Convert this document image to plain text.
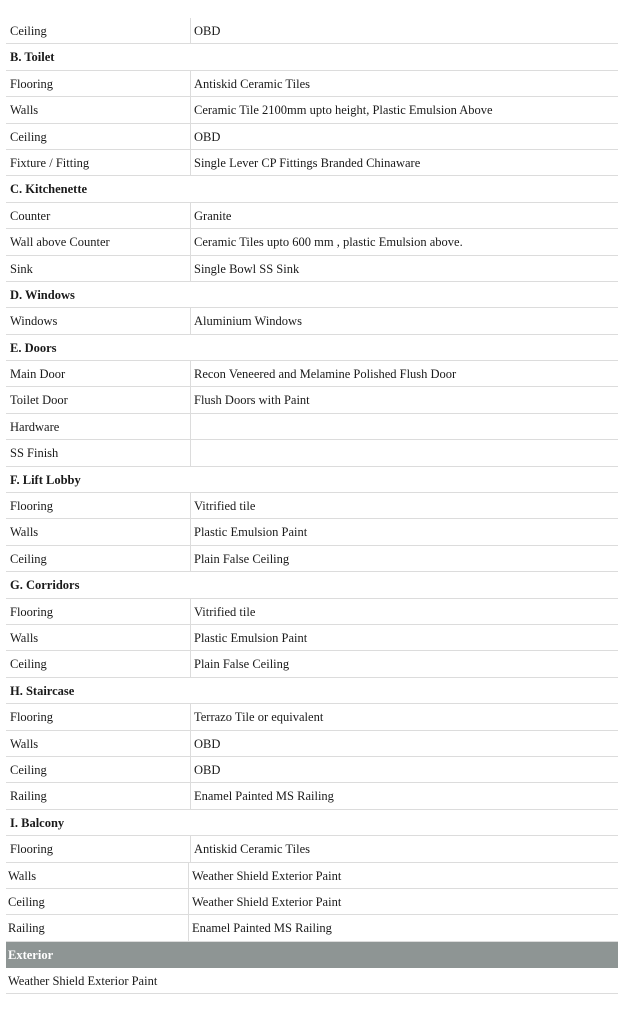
Ceiling	OBD
B. Toilet
Flooring	Antiskid Ceramic Tiles
Walls	Ceramic Tile 2100mm upto height, Plastic Emulsion Above
Ceiling	OBD
Fixture / Fitting	Single Lever CP Fittings Branded Chinaware
C. Kitchenette
Counter	Granite
Wall above Counter	Ceramic Tiles upto 600 mm , plastic Emulsion above.
Sink	Single Bowl SS Sink
D. Windows
Windows	Aluminium Windows
E. Doors
Main Door	Recon Veneered and Melamine Polished Flush Door
Toilet Door	Flush Doors with Paint
Hardware
SS Finish
F. Lift Lobby
Flooring	Vitrified tile
Walls	Plastic Emulsion Paint
Ceiling	Plain False Ceiling
G. Corridors
Flooring	Vitrified tile
Walls	Plastic Emulsion Paint
Ceiling	Plain False Ceiling
H. Staircase
Flooring	Terrazo Tile or equivalent
Walls	OBD
Ceiling	OBD
Railing	Enamel Painted MS Railing
I. Balcony
Flooring	Antiskid Ceramic Tiles
Walls	Weather Shield Exterior Paint
Ceiling	Weather Shield Exterior Paint
Railing	Enamel Painted MS Railing
Exterior
Weather Shield Exterior Paint
